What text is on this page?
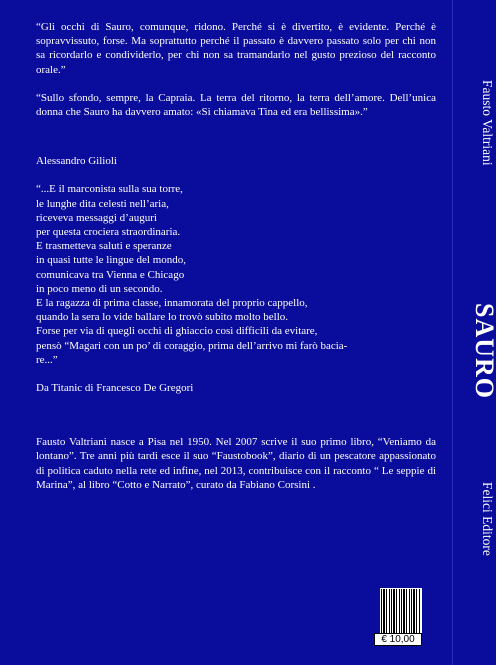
“Gli occhi di Sauro, comunque, ridono. Perché si è divertito, è evidente. Perché è sopravvissuto, forse. Ma soprattutto perché il passato è davvero passato solo per chi non sa ricordarlo e condividerlo, per chi non sa tramandarlo nel gusto prezioso del racconto orale.”

“Sullo sfondo, sempre, la Capraia. La terra del ritorno, la terra dell’amore. Dell’unica donna che Sauro ha davvero amato: «Si chiamava Tina ed era bellissima».”

Alessandro Gilioli

“...E il marconista sulla sua torre,
le lunghe dita celesti nell’aria,
riceveva messaggi d’auguri
per questa crociera straordinaria.
E trasmetteva saluti e speranze
in quasi tutte le lingue del mondo,
comunicava tra Vienna e Chicago
in poco meno di un secondo.
E la ragazza di prima classe, innamorata del proprio cappello,
quando la sera lo vide ballare lo trovò subito molto bello.
Forse per via di quegli occhi di ghiaccio così difficili da evitare,
pensò “Magari con un po’ di coraggio, prima dell’arrivo mi farò bacia-
re...”

Da Titanic di Francesco De Gregori

Fausto Valtriani nasce a Pisa nel 1950. Nel 2007 scrive il suo primo libro, “Veniamo da lontano”. Tre anni più tardi esce il suo “Faustobook”, diario di un pescatore appassionato di politica caduto nella rete ed infine, nel 2013, contribuisce con il racconto “ Le seppie di Marina”, al libro “Cotto e Narrato”, curato da Fabiano Corsini .

€ 10,00
Fausto Valtriani
SAURO
Felici Editore
